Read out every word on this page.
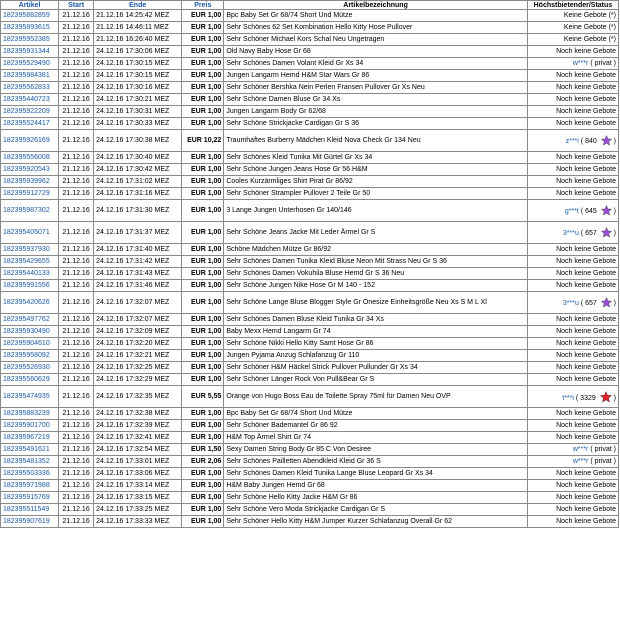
Artikel	Start	Ende	Preis	Artikelbezeichnung	Höchstbietender/Status
182395882859	21.12.16	21.12.16 14:25:42 MEZ	EUR 1,00	Bpc Baby Set Gr 68/74 Short Und Mütze	Keine Gebote (*)
182395893615	21.12.16	21.12.16 14:46:11 MEZ	EUR 1,00	Sehr Schönes 62 Set Kombination Hello Kitty Hose Pullover	Keine Gebote (*)
182395952385	21.12.16	21.12.16 16:26:40 MEZ	EUR 1,00	Sehr Schöner Michael Kors Schal Neu Ungetragen	Keine Gebote (*)
182395931344	21.12.16	24.12.16 17:30:06 MEZ	EUR 1,00	Old Navy Baby Hose Gr 68	Noch keine Gebote
182395529490	21.12.16	24.12.16 17:30:15 MEZ	EUR 1,00	Sehr Schönes Damen Volant Kleid Gr Xs 34	w***r ( privat )
182395984381	21.12.16	24.12.16 17:30:15 MEZ	EUR 1,00	Jungen Langarm Hemd H&M Star Wars Gr 86	Noch keine Gebote
182395562833	21.12.16	24.12.16 17:30:16 MEZ	EUR 1,00	Sehr Schöner Bershka Nein Perlen Fransen Pullover Gr Xs Neu	Noch keine Gebote
182395440723	21.12.16	24.12.16 17:30:21 MEZ	EUR 1,00	Sehr Schöne Damen Bluse Gr 34 Xs	Noch keine Gebote
182395922209	21.12.16	24.12.16 17:30:31 MEZ	EUR 1,00	Jungen Langarm Body Gr 62/68	Noch keine Gebote
182395524417	21.12.16	24.12.16 17:30:33 MEZ	EUR 1,00	Sehr Schöne Strickjacke Cardigan Gr S 36	Noch keine Gebote
182395926169	21.12.16	24.12.16 17:30:38 MEZ	EUR 10,22	Traumhaftes Burberry Mädchen Kleid Nova Check Gr 134 Neu	z***i ( 840  )
182395556008	21.12.16	24.12.16 17:30:40 MEZ	EUR 1,00	Sehr Schönes Kleid Tunika Mit Gürtel Gr Xs 34	Noch keine Gebote
182395920543	21.12.16	24.12.16 17:30:42 MEZ	EUR 1,00	Sehr Schöne Jungen Jeans Hose Gr 56 H&M	Noch keine Gebote
182395939962	21.12.16	24.12.16 17:31:02 MEZ	EUR 1,00	Cooles Kurzärmliges Shirt Pirat Gr 86/92	Noch keine Gebote
182395912729	21.12.16	24.12.16 17:31:16 MEZ	EUR 1,00	Sehr Schöner Strampler Pullover 2 Teile Gr 50	Noch keine Gebote
182395987302	21.12.16	24.12.16 17:31:30 MEZ	EUR 1,00	3 Lange Jungen Unterhosen Gr 140/146	g***t ( 645  )
182395405071	21.12.16	24.12.16 17:31:37 MEZ	EUR 1,00	Sehr Schöne Jeans Jacke Mit Leder Ärmel Gr S	3***u ( 657  )
182395937930	21.12.16	24.12.16 17:31:40 MEZ	EUR 1,00	Schöne Mädchen Mütze Gr 86/92	Noch keine Gebote
182395429655	21.12.16	24.12.16 17:31:42 MEZ	EUR 1,00	Sehr Schönes Damen Tunika Kleid Bluse Neon Mit Strass Neu Gr S 36	Noch keine Gebote
182395440133	21.12.16	24.12.16 17:31:43 MEZ	EUR 1,00	Sehr Schönes Damen Vokuhila Bluse Hemd Gr S 36 Neu	Noch keine Gebote
182395991556	21.12.16	24.12.16 17:31:46 MEZ	EUR 1,00	Sehr Schöne Jungen Nike Hose Gr M 140 - 152	Noch keine Gebote
182395420626	21.12.16	24.12.16 17:32:07 MEZ	EUR 1,00	Sehr Schöne Lange Bluse Blogger Style Gr Onesize Einheitsgröße Neu Xs S M L Xl	3***u ( 657  )
182395497762	21.12.16	24.12.16 17:32:07 MEZ	EUR 1,00	Sehr Schönes Damen Bluse Kleid Tunika Gr 34 Xs	Noch keine Gebote
182395930490	21.12.16	24.12.16 17:32:09 MEZ	EUR 1,00	Baby Mexx Hemd Langarm Gr 74	Noch keine Gebote
182395904610	21.12.16	24.12.16 17:32:20 MEZ	EUR 1,00	Sehr Schöne Nikki Hello Kitty Samt Hose Gr 86	Noch keine Gebote
182395958092	21.12.16	24.12.16 17:32:21 MEZ	EUR 1,00	Jungen Pyjama Anzug Schlafanzug Gr 110	Noch keine Gebote
182395526930	21.12.16	24.12.16 17:32:25 MEZ	EUR 1,00	Sehr Schöner H&M Häckel Strick Pullover Pullunder Gr Xs 34	Noch keine Gebote
182395560629	21.12.16	24.12.16 17:32:29 MEZ	EUR 1,00	Sehr Schöner Länger Rock Von Pull&Bear Gr S	Noch keine Gebote
182395474935	21.12.16	24.12.16 17:32:35 MEZ	EUR 5,55	Orange von Hugo Boss Eau de Toilette Spray 75ml für Damen Neu OVP	t***i ( 3329  )
182395883239	21.12.16	24.12.16 17:32:38 MEZ	EUR 1,00	Bpc Baby Set Gr 68/74 Short Und Mütze	Noch keine Gebote
182395901700	21.12.16	24.12.16 17:32:39 MEZ	EUR 1,00	Sehr Schöner Bademantel Gr 86 92	Noch keine Gebote
182395967219	21.12.16	24.12.16 17:32:41 MEZ	EUR 1,00	H&M Top Ärmel Shirt Gr 74	Noch keine Gebote
182395491621	21.12.16	24.12.16 17:32:54 MEZ	EUR 1,50	Sexy Damen String Body Gr 85 C Von Desiree	w***r ( privat )
182395481352	21.12.16	24.12.16 17:33:01 MEZ	EUR 2,06	Sehr Schönes Pailletten Abendkleid Kleid Gr 36 S	w***r ( privat )
182395503336	21.12.16	24.12.16 17:33:06 MEZ	EUR 1,00	Sehr Schönes Damen Kleid Tunika Lange Bluse Leopard Gr Xs 34	Noch keine Gebote
182395971988	21.12.16	24.12.16 17:33:14 MEZ	EUR 1,00	H&M Baby Jungen Hemd Gr 68	Noch keine Gebote
182395915769	21.12.16	24.12.16 17:33:15 MEZ	EUR 1,00	Sehr Schöne Hello Kitty Jacke H&M Gr 86	Noch keine Gebote
182395511549	21.12.16	24.12.16 17:33:25 MEZ	EUR 1,00	Sehr Schöne Vero Moda Strickjacke Cardigan Gr S	Noch keine Gebote
182395907619	21.12.16	24.12.16 17:33:33 MEZ	EUR 1,00	Sehr Schöner Hello Kitty H&M Jumper Kurzer Schlafanzug Overall Gr 62	Noch keine Gebote
